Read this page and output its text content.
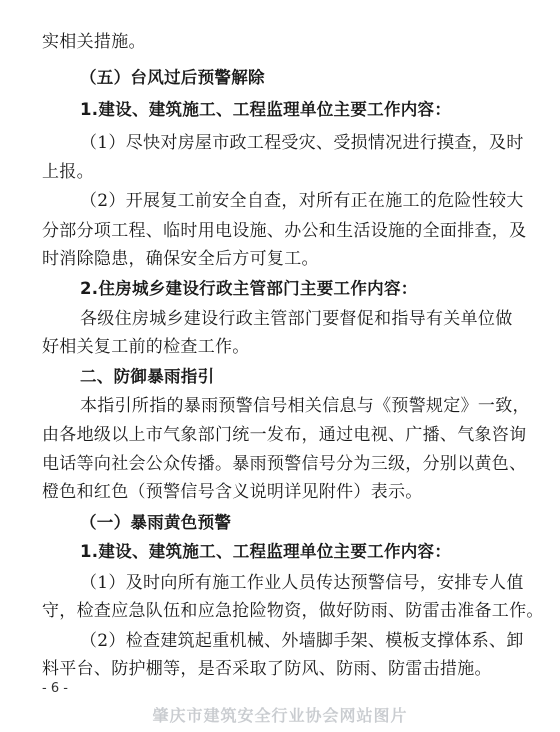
实相关措施。
（五）台风过后预警解除
1.建设、建筑施工、工程监理单位主要工作内容：
（1）尽快对房屋市政工程受灾、受损情况进行摸查，及时
上报。
（2）开展复工前安全自查，对所有正在施工的危险性较大
分部分项工程、临时用电设施、办公和生活设施的全面排查，及
时消除隐患，确保安全后方可复工。
2.住房城乡建设行政主管部门主要工作内容：
各级住房城乡建设行政主管部门要督促和指导有关单位做
好相关复工前的检查工作。
二、防御暴雨指引
本指引所指的暴雨预警信号相关信息与《预警规定》一致，
由各地级以上市气象部门统一发布，通过电视、广播、气象咨询
电话等向社会公众传播。暴雨预警信号分为三级，分别以黄色、
橙色和红色（预警信号含义说明详见附件）表示。
（一）暴雨黄色预警
1.建设、建筑施工、工程监理单位主要工作内容：
（1）及时向所有施工作业人员传达预警信号，安排专人值
守，检查应急队伍和应急抢险物资，做好防雨、防雷击准备工作。
（2）检查建筑起重机械、外墙脚手架、模板支撑体系、卸
料平台、防护棚等，是否采取了防风、防雨、防雷击措施。
- 6 -
肇庆市建筑安全行业协会网站图片
